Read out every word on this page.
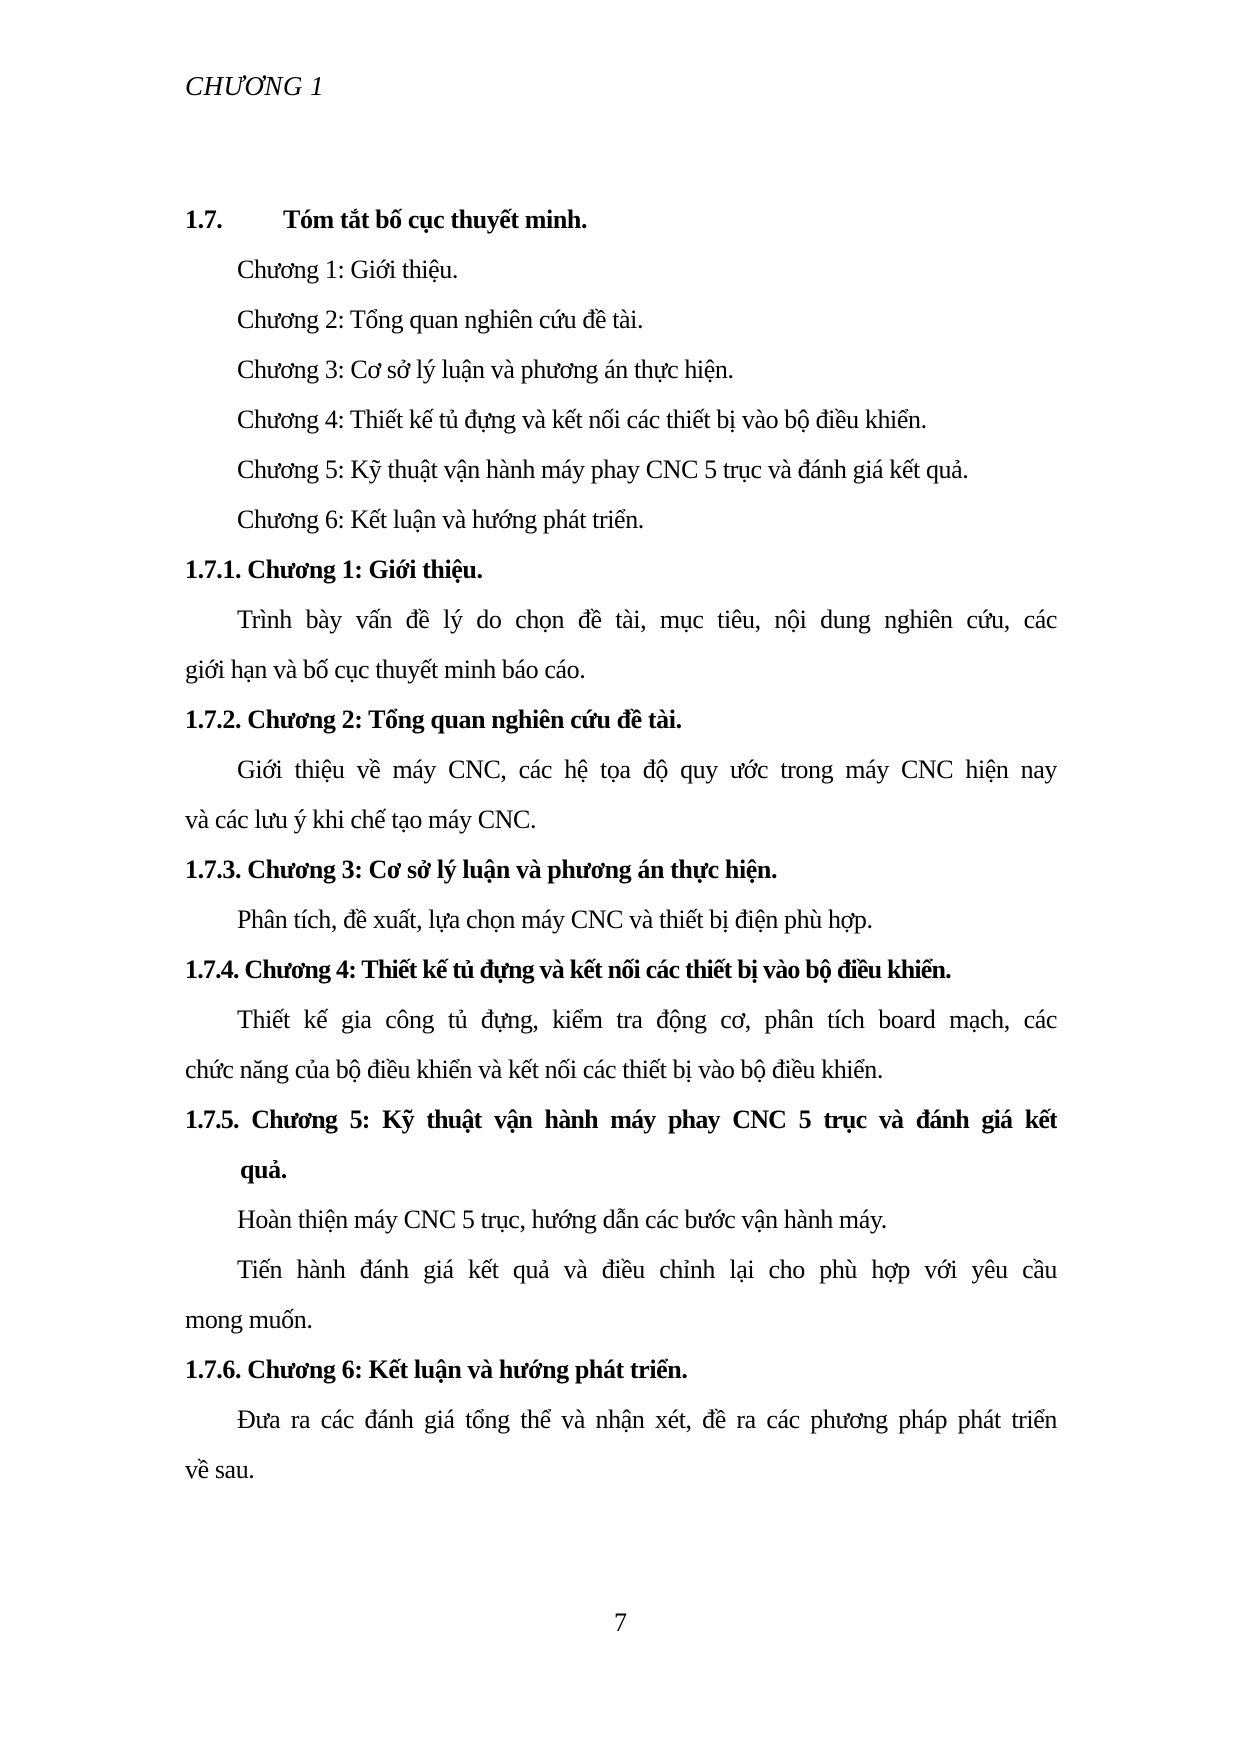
CHƯƠNG 1
1.7. Tóm tắt bố cục thuyết minh.
Chương 1: Giới thiệu.
Chương 2: Tổng quan nghiên cứu đề tài.
Chương 3: Cơ sở lý luận và phương án thực hiện.
Chương 4: Thiết kế tủ đựng và kết nối các thiết bị vào bộ điều khiển.
Chương 5: Kỹ thuật vận hành máy phay CNC 5 trục và đánh giá kết quả.
Chương 6: Kết luận và hướng phát triển.
1.7.1. Chương 1: Giới thiệu.
Trình bày vấn đề lý do chọn đề tài, mục tiêu, nội dung nghiên cứu, các
giới hạn và bố cục thuyết minh báo cáo.
1.7.2. Chương 2: Tổng quan nghiên cứu đề tài.
Giới thiệu về máy CNC, các hệ tọa độ quy ước trong máy CNC hiện nay
và các lưu ý khi chế tạo máy CNC.
1.7.3. Chương 3: Cơ sở lý luận và phương án thực hiện.
Phân tích, đề xuất, lựa chọn máy CNC và thiết bị điện phù hợp.
1.7.4. Chương 4: Thiết kế tủ đựng và kết nối các thiết bị vào bộ điều khiển.
Thiết kế gia công tủ đựng, kiểm tra động cơ, phân tích board mạch, các
chức năng của bộ điều khiển và kết nối các thiết bị vào bộ điều khiển.
1.7.5. Chương 5: Kỹ thuật vận hành máy phay CNC 5 trục và đánh giá kết
quả.
Hoàn thiện máy CNC 5 trục, hướng dẫn các bước vận hành máy.
Tiến hành đánh giá kết quả và điều chỉnh lại cho phù hợp với yêu cầu
mong muốn.
1.7.6. Chương 6: Kết luận và hướng phát triển.
Đưa ra các đánh giá tổng thể và nhận xét, đề ra các phương pháp phát triển
về sau.
7
